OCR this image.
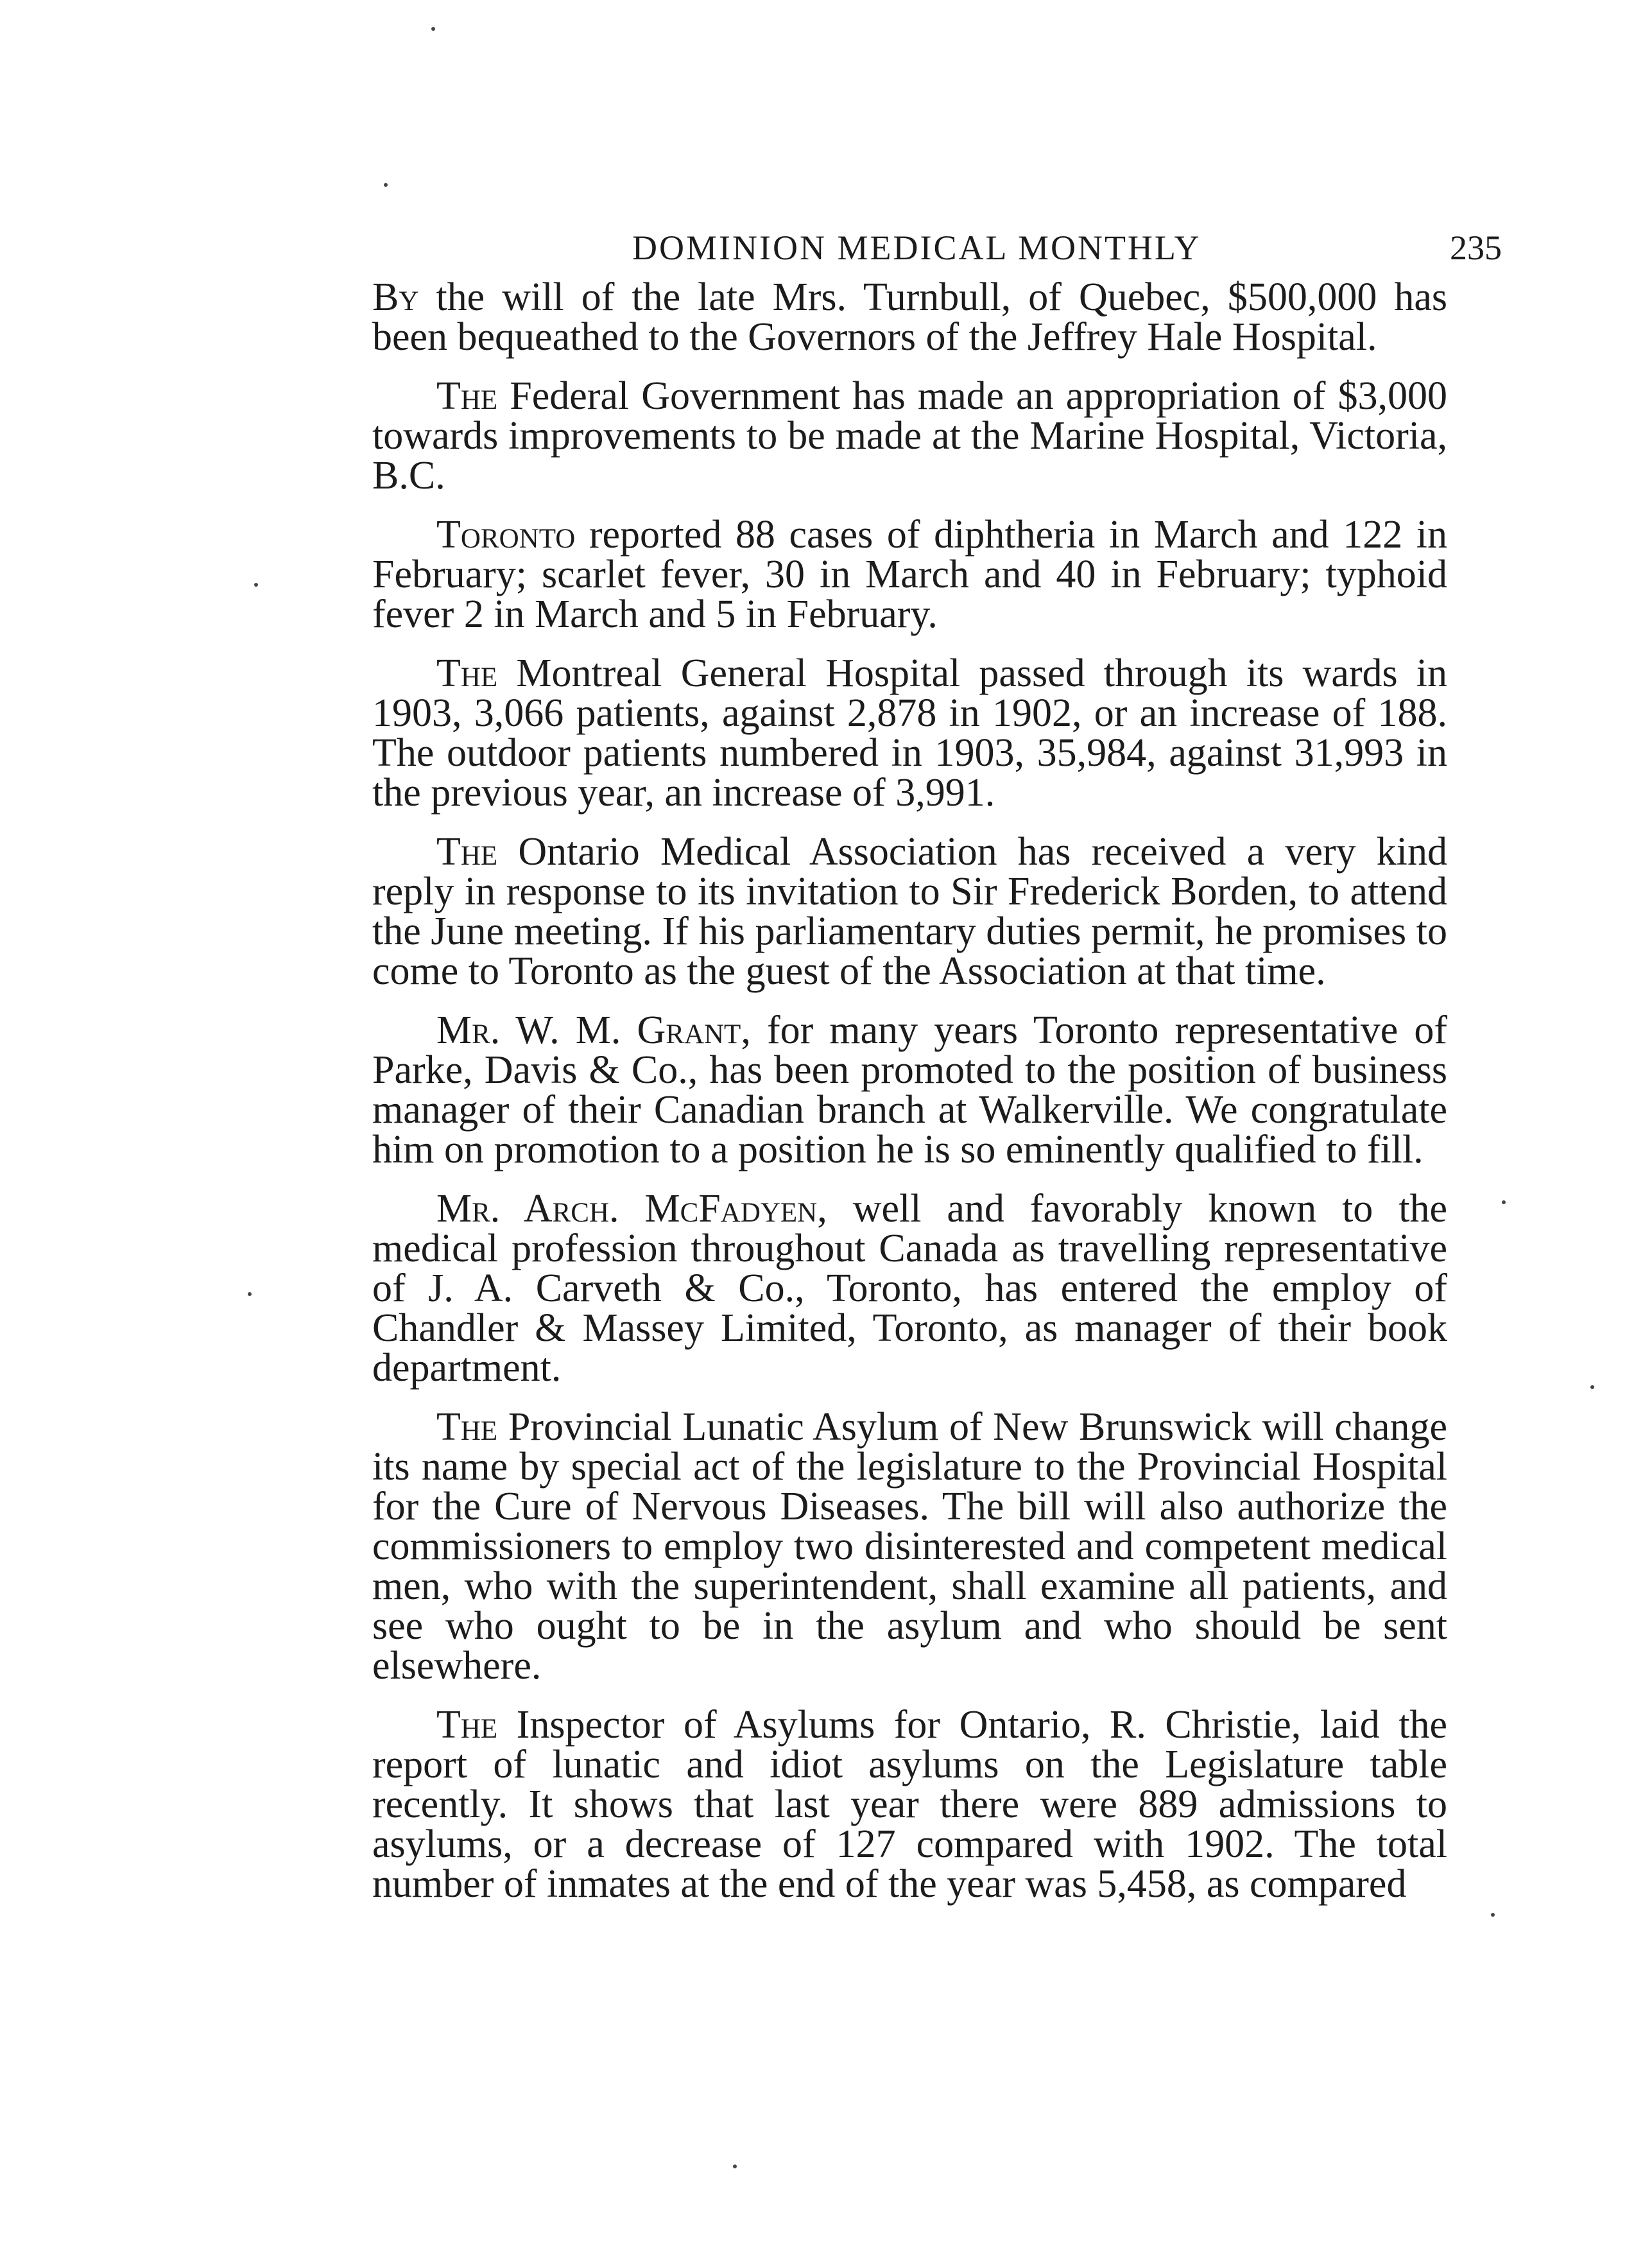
DOMINION MEDICAL MONTHLY	235

By the will of the late Mrs. Turnbull, of Quebec, $500,000 has been bequeathed to the Governors of the Jeffrey Hale Hospital.

The Federal Government has made an appropriation of $3,000 towards improvements to be made at the Marine Hospital, Victoria, B.C.

Toronto reported 88 cases of diphtheria in March and 122 in February; scarlet fever, 30 in March and 40 in February; typhoid fever 2 in March and 5 in February.

The Montreal General Hospital passed through its wards in 1903, 3,066 patients, against 2,878 in 1902, or an increase of 188. The outdoor patients numbered in 1903, 35,984, against 31,993 in the previous year, an increase of 3,991.

The Ontario Medical Association has received a very kind reply in response to its invitation to Sir Frederick Borden, to attend the June meeting. If his parliamentary duties permit, he promises to come to Toronto as the guest of the Association at that time.

Mr. W. M. Grant, for many years Toronto representative of Parke, Davis & Co., has been promoted to the position of business manager of their Canadian branch at Walkerville. We congratulate him on promotion to a position he is so eminently qualified to fill.

Mr. Arch. McFadyen, well and favorably known to the medical profession throughout Canada as travelling representative of J. A. Carveth & Co., Toronto, has entered the employ of Chandler & Massey Limited, Toronto, as manager of their book department.

The Provincial Lunatic Asylum of New Brunswick will change its name by special act of the legislature to the Provincial Hospital for the Cure of Nervous Diseases. The bill will also authorize the commissioners to employ two disinterested and competent medical men, who with the superintendent, shall examine all patients, and see who ought to be in the asylum and who should be sent elsewhere.

The Inspector of Asylums for Ontario, R. Christie, laid the report of lunatic and idiot asylums on the Legislature table recently. It shows that last year there were 889 admissions to asylums, or a decrease of 127 compared with 1902. The total number of inmates at the end of the year was 5,458, as compared
